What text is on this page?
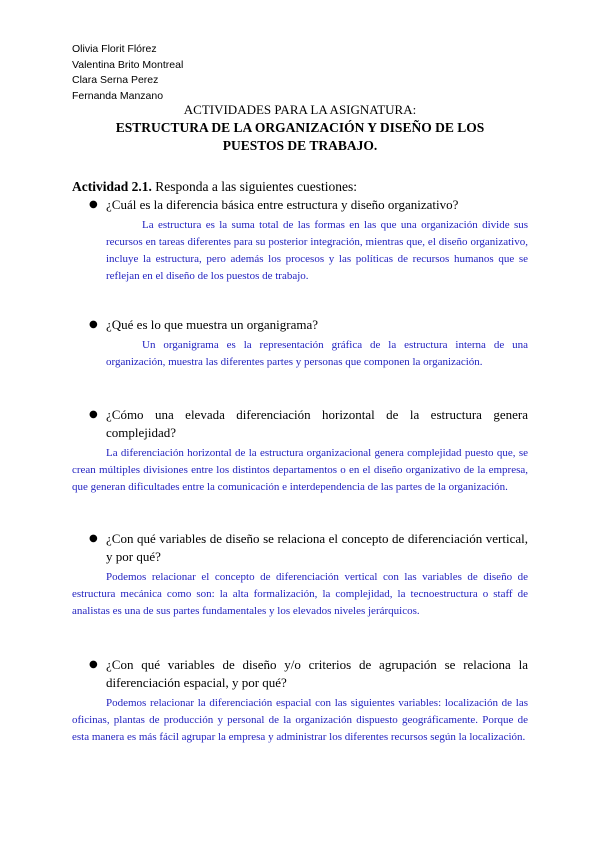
Olivia Florit Flórez
Valentina Brito Montreal
Clara Serna Perez
Fernanda Manzano
ACTIVIDADES PARA LA ASIGNATURA:
ESTRUCTURA DE LA ORGANIZACIÓN Y DISEÑO DE LOS
PUESTOS DE TRABAJO.
Actividad 2.1. Responda a las siguientes cuestiones:
● ¿Cuál es la diferencia básica entre estructura y diseño organizativo?
La estructura es la suma total de las formas en las que una organización divide sus recursos en tareas diferentes para su posterior integración, mientras que, el diseño organizativo, incluye la estructura, pero además los procesos y las políticas de recursos humanos que se reflejan en el diseño de los puestos de trabajo.
● ¿Qué es lo que muestra un organigrama?
Un organigrama es la representación gráfica de la estructura interna de una organización, muestra las diferentes partes y personas que componen la organización.
● ¿Cómo una elevada diferenciación horizontal de la estructura genera complejidad?
La diferenciación horizontal de la estructura organizacional genera complejidad puesto que, se crean múltiples divisiones entre los distintos departamentos o en el diseño organizativo de la empresa, que generan dificultades entre la comunicación e interdependencia de las partes de la organización.
● ¿Con qué variables de diseño se relaciona el concepto de diferenciación vertical, y por qué?
Podemos relacionar el concepto de diferenciación vertical con las variables de diseño de estructura mecánica como son: la alta formalización, la complejidad, la tecnoestructura o staff de analistas es una de sus partes fundamentales y los elevados niveles jerárquicos.
● ¿Con qué variables de diseño y/o criterios de agrupación se relaciona la diferenciación espacial, y por qué?
Podemos relacionar la diferenciación espacial con las siguientes variables: localización de las oficinas, plantas de producción y personal de la organización dispuesto geográficamente. Porque de esta manera es más fácil agrupar la empresa y administrar los diferentes recursos según la localización.
